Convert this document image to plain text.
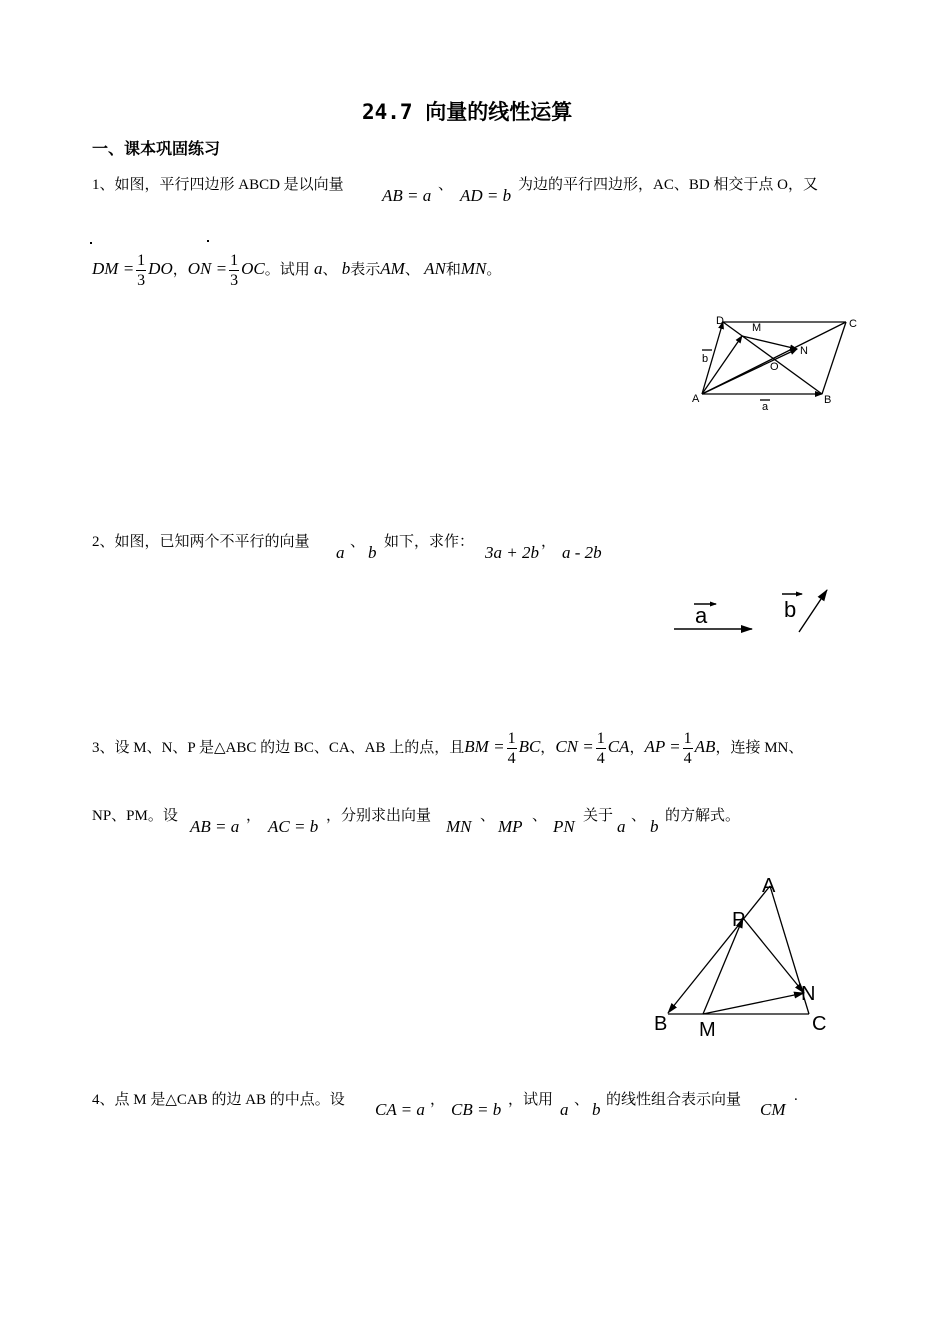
24.7 向量的线性运算
一、课本巩固练习
1、如图，平行四边形 ABCD 是以向量
AB = a
、
AD = b
为边的平行四边形，AC、BD 相交于点 O，又
DM = $\frac{1}{3}$ DO，ON = $\frac{1}{3}$ OC。试用 a、 b表示AM、 AN和MN。
D
M	C
b
N
O
A
a
B
2、如图，已知两个不平行的向量
a
、
b
如下，求作：
3a + 2b
，
a - 2b
a	b
3、设 M、N、P 是△ABC 的边 BC、CA、AB 上的点，且BM = $\frac{1}{4}$ BC，CN = $\frac{1}{4}$ CA，AP = $\frac{1}{4}$ AB，连接 MN、
NP、PM。设
AB = a
，
AC = b
，分别求出向量
MN
、
MP
、
PN
关于
a
、
b
的方解式。
A
P
N
B M	C
4、点 M 是△CAB 的边 AB 的中点。设 CA = a ， CB = b ，试用 a 、 b 的线性组合表示向量 CM
.
